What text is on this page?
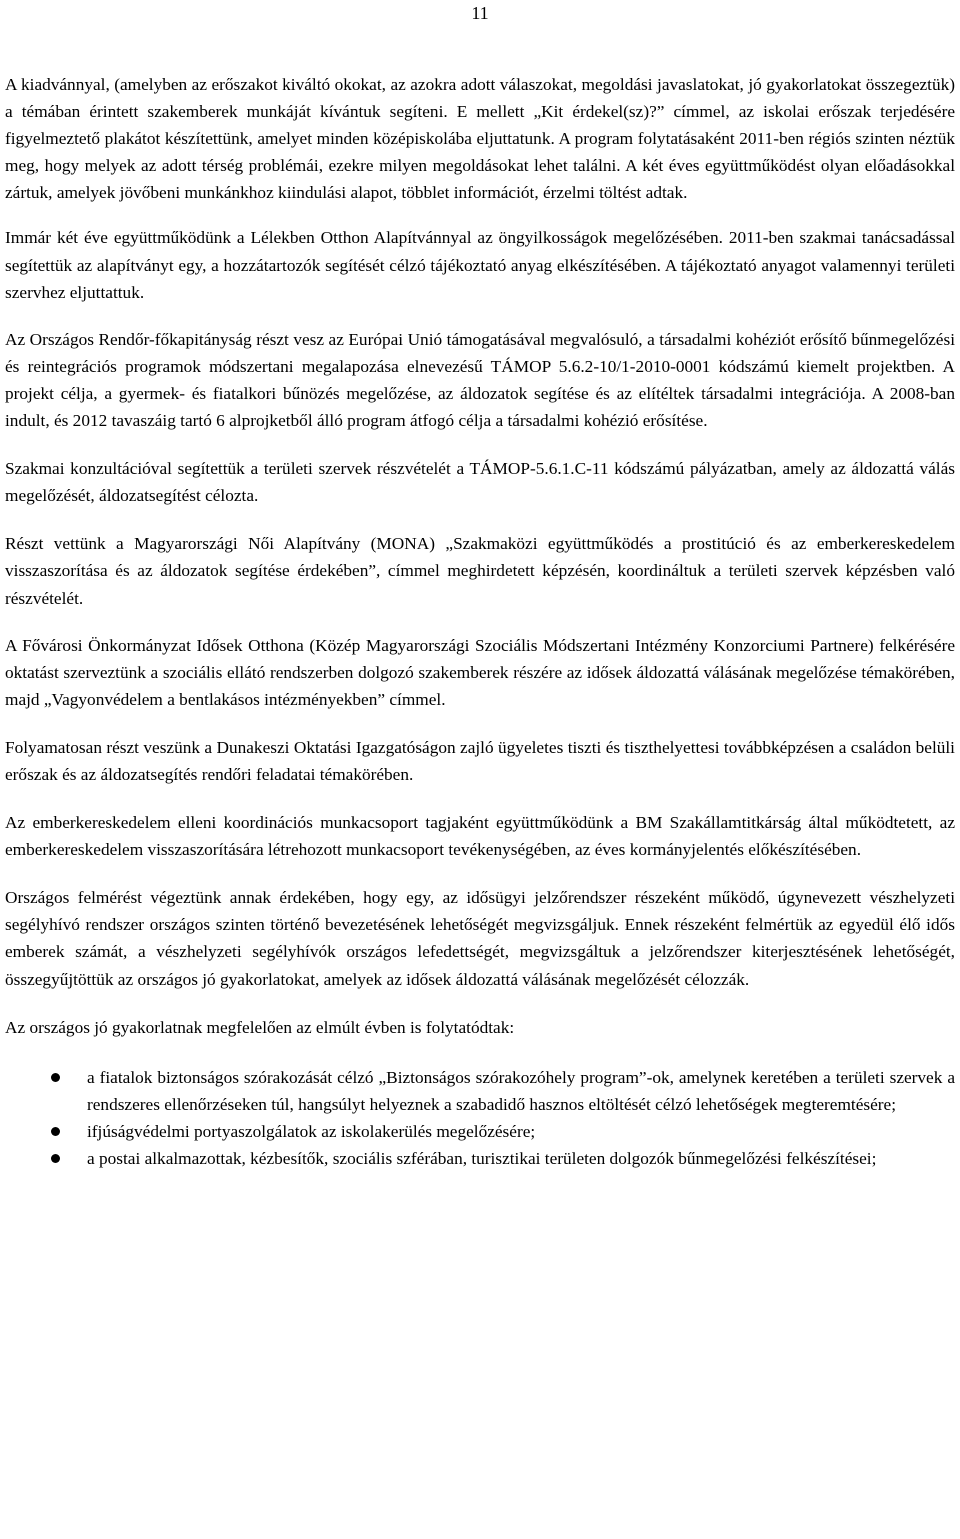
11

A kiadvánnyal, (amelyben az erőszakot kiváltó okokat, az azokra adott válaszokat, megoldási javaslatokat, jó gyakorlatokat összegeztük) a témában érintett szakemberek munkáját kívántuk segíteni. E mellett „Kit érdekel(sz)?” címmel, az iskolai erőszak terjedésére figyelmeztető plakátot készítettünk, amelyet minden középiskolába eljuttatunk. A program folytatásaként 2011-ben régiós szinten néztük meg, hogy melyek az adott térség problémái, ezekre milyen megoldásokat lehet találni. A két éves együttműködést olyan előadásokkal zártuk, amelyek jövőbeni munkánkhoz kiindulási alapot, többlet információt, érzelmi töltést adtak.

Immár két éve együttműködünk a Lélekben Otthon Alapítvánnyal az öngyilkosságok megelőzésében. 2011-ben szakmai tanácsadással segítettük az alapítványt egy, a hozzátartozók segítését célzó tájékoztató anyag elkészítésében. A tájékoztató anyagot valamennyi területi szervhez eljuttattuk.

Az Országos Rendőr-főkapitányság részt vesz az Európai Unió támogatásával megvalósuló, a társadalmi kohéziót erősítő bűnmegelőzési és reintegrációs programok módszertani megalapozása elnevezésű TÁMOP 5.6.2-10/1-2010-0001 kódszámú kiemelt projektben. A projekt célja, a gyermek- és fiatalkori bűnözés megelőzése, az áldozatok segítése és az elítéltek társadalmi integrációja. A 2008-ban indult, és 2012 tavaszáig tartó 6 alprojketből álló program átfogó célja a társadalmi kohézió erősítése.

Szakmai konzultációval segítettük a területi szervek részvételét a TÁMOP-5.6.1.C-11 kódszámú pályázatban, amely az áldozattá válás megelőzését, áldozatsegítést célozta.

Részt vettünk a Magyarországi Női Alapítvány (MONA) „Szakmaközi együttműködés a prostitúció és az emberkereskedelem visszaszorítása és az áldozatok segítése érdekében”, címmel meghirdetett képzésén, koordináltuk a területi szervek képzésben való részvételét.

A Fővárosi Önkormányzat Idősek Otthona (Közép Magyarországi Szociális Módszertani Intézmény Konzorciumi Partnere) felkérésére oktatást szerveztünk a szociális ellátó rendszerben dolgozó szakemberek részére az idősek áldozattá válásának megelőzése témakörében, majd „Vagyonvédelem a bentlakásos intézményekben” címmel.

Folyamatosan részt veszünk a Dunakeszi Oktatási Igazgatóságon zajló ügyeletes tiszti és tiszthelyettesi továbbképzésen a családon belüli erőszak és az áldozatsegítés rendőri feladatai témakörében.

Az emberkereskedelem elleni koordinációs munkacsoport tagjaként együttműködünk a BM Szakállamtitkárság által működtetett, az emberkereskedelem visszaszorítására létrehozott munkacsoport tevékenységében, az éves kormányjelentés előkészítésében.

Országos felmérést végeztünk annak érdekében, hogy egy, az idősügyi jelzőrendszer részeként működő, úgynevezett vészhelyzeti segélyhívó rendszer országos szinten történő bevezetésének lehetőségét megvizsgáljuk. Ennek részeként felmértük az egyedül élő idős emberek számát, a vészhelyzeti segélyhívók országos lefedettségét, megvizsgáltuk a jelzőrendszer kiterjesztésének lehetőségét, összegyűjtöttük az országos jó gyakorlatokat, amelyek az idősek áldozattá válásának megelőzését célozzák.

Az országos jó gyakorlatnak megfelelően az elmúlt évben is folytatódtak:

a fiatalok biztonságos szórakozását célzó „Biztonságos szórakozóhely program”-ok, amelynek keretében a területi szervek a rendszeres ellenőrzéseken túl, hangsúlyt helyeznek a szabadidő hasznos eltöltését célzó lehetőségek megteremtésére;
ifjúságvédelmi portyaszolgálatok az iskolakerülés megelőzésére;
a postai alkalmazottak, kézbesítők, szociális szférában, turisztikai területen dolgozók bűnmegelőzési felkészítései;
